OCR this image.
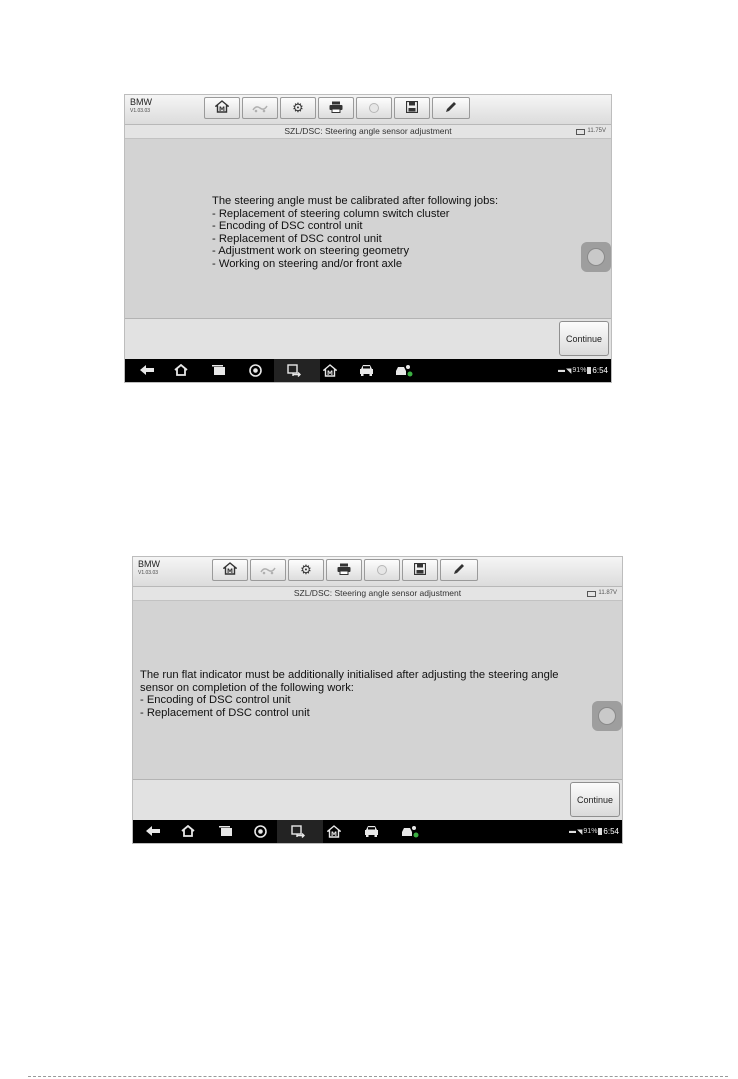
BMW
V1.03.03	M	⚙
SZL/DSC: Steering angle sensor adjustment	11.75V
The steering angle must be calibrated after following jobs:
- Replacement of steering column switch cluster
- Encoding of DSC control unit
- Replacement of DSC control unit
- Adjustment work on steering geometry
- Working on steering and/or front axle
Continue
M	▬ ◥ 91% 6:54
BMW
V1.03.03	M	⚙
SZL/DSC: Steering angle sensor adjustment	11.87V
The run flat indicator must be additionally initialised after adjusting the steering angle
sensor on completion of the following work:
- Encoding of DSC control unit
- Replacement of DSC control unit
Continue
M	▬ ◥ 91% 6:54
